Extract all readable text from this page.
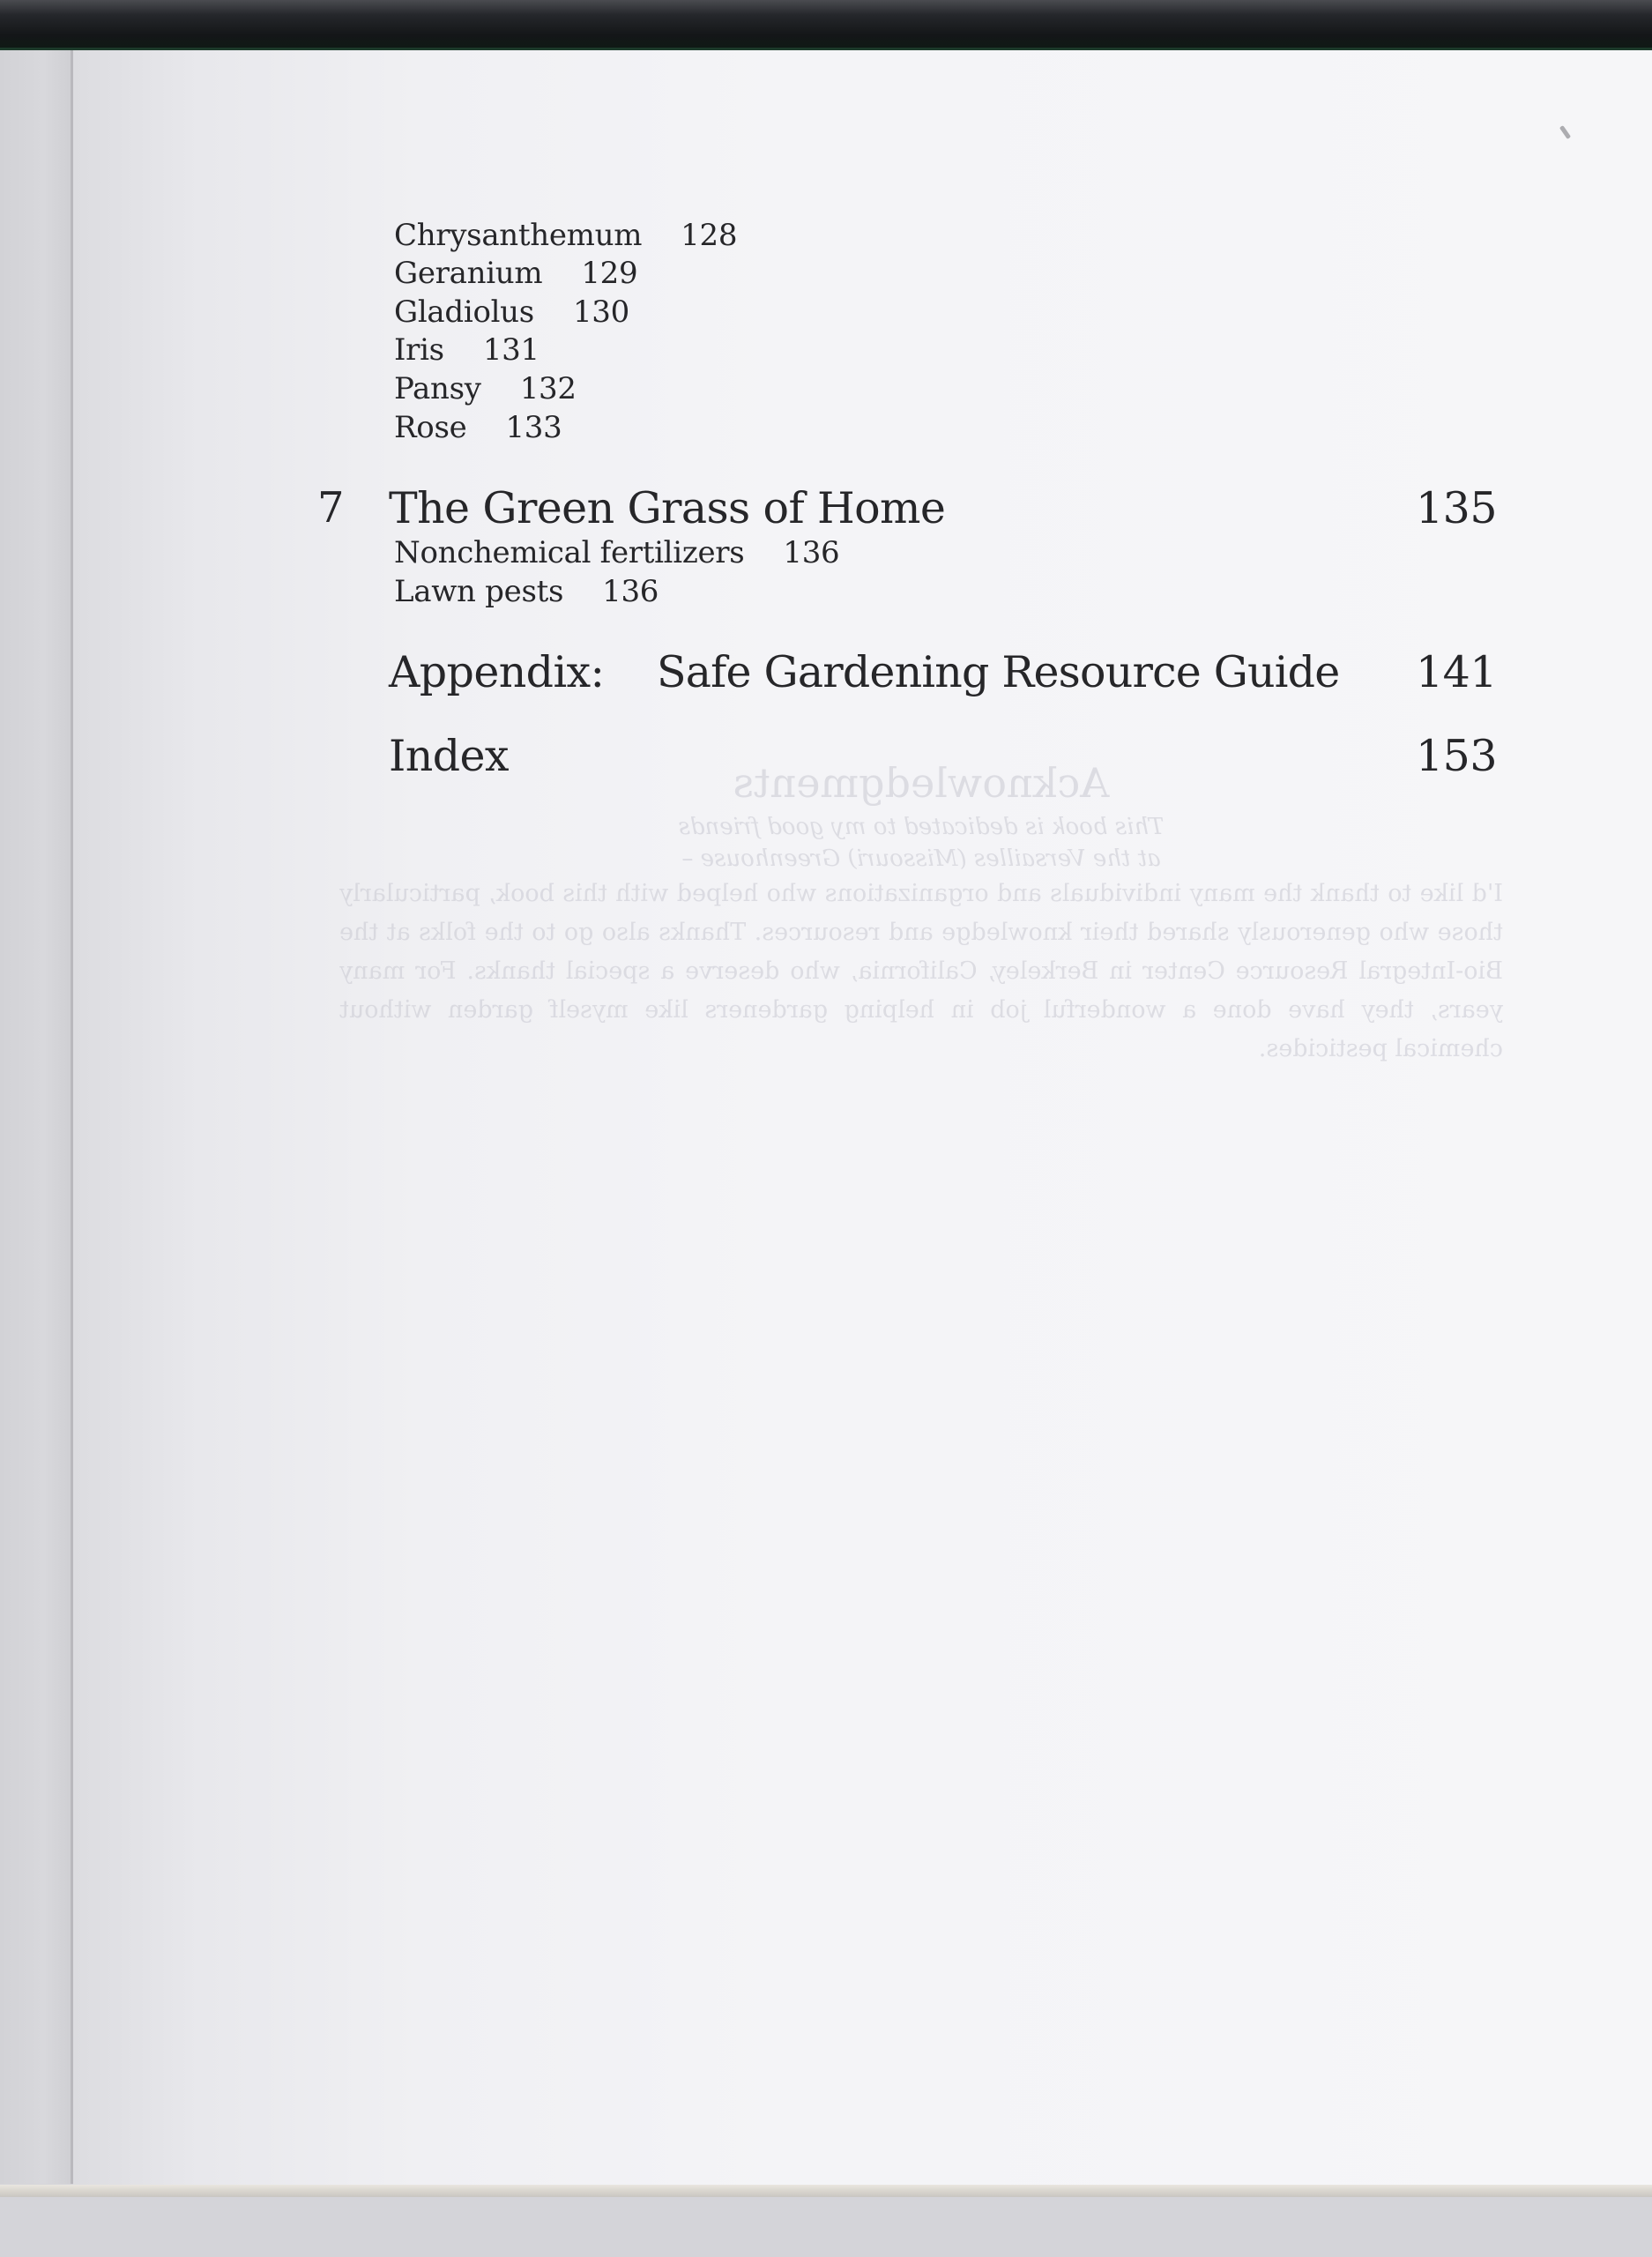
Acknowledgments
This book is dedicated to my good friends
at the Versailles (Missouri) Greenhouse –
I'd like to thank the many individuals and organizations who helped with this book, particularly those who generously shared their knowledge and resources. Thanks also go to the folks at the Bio-Integral Resource Center in Berkeley, California, who deserve a special thanks. For many years, they have done a wonderful job in helping gardeners like myself garden without chemical pesticides.
Chrysanthemum 128
Geranium 129
Gladiolus 130
Iris 131
Pansy 132
Rose 133
7 The Green Grass of Home	135
Nonchemical fertilizers 136
Lawn pests 136
Appendix: Safe Gardening Resource Guide 141
Index	153
